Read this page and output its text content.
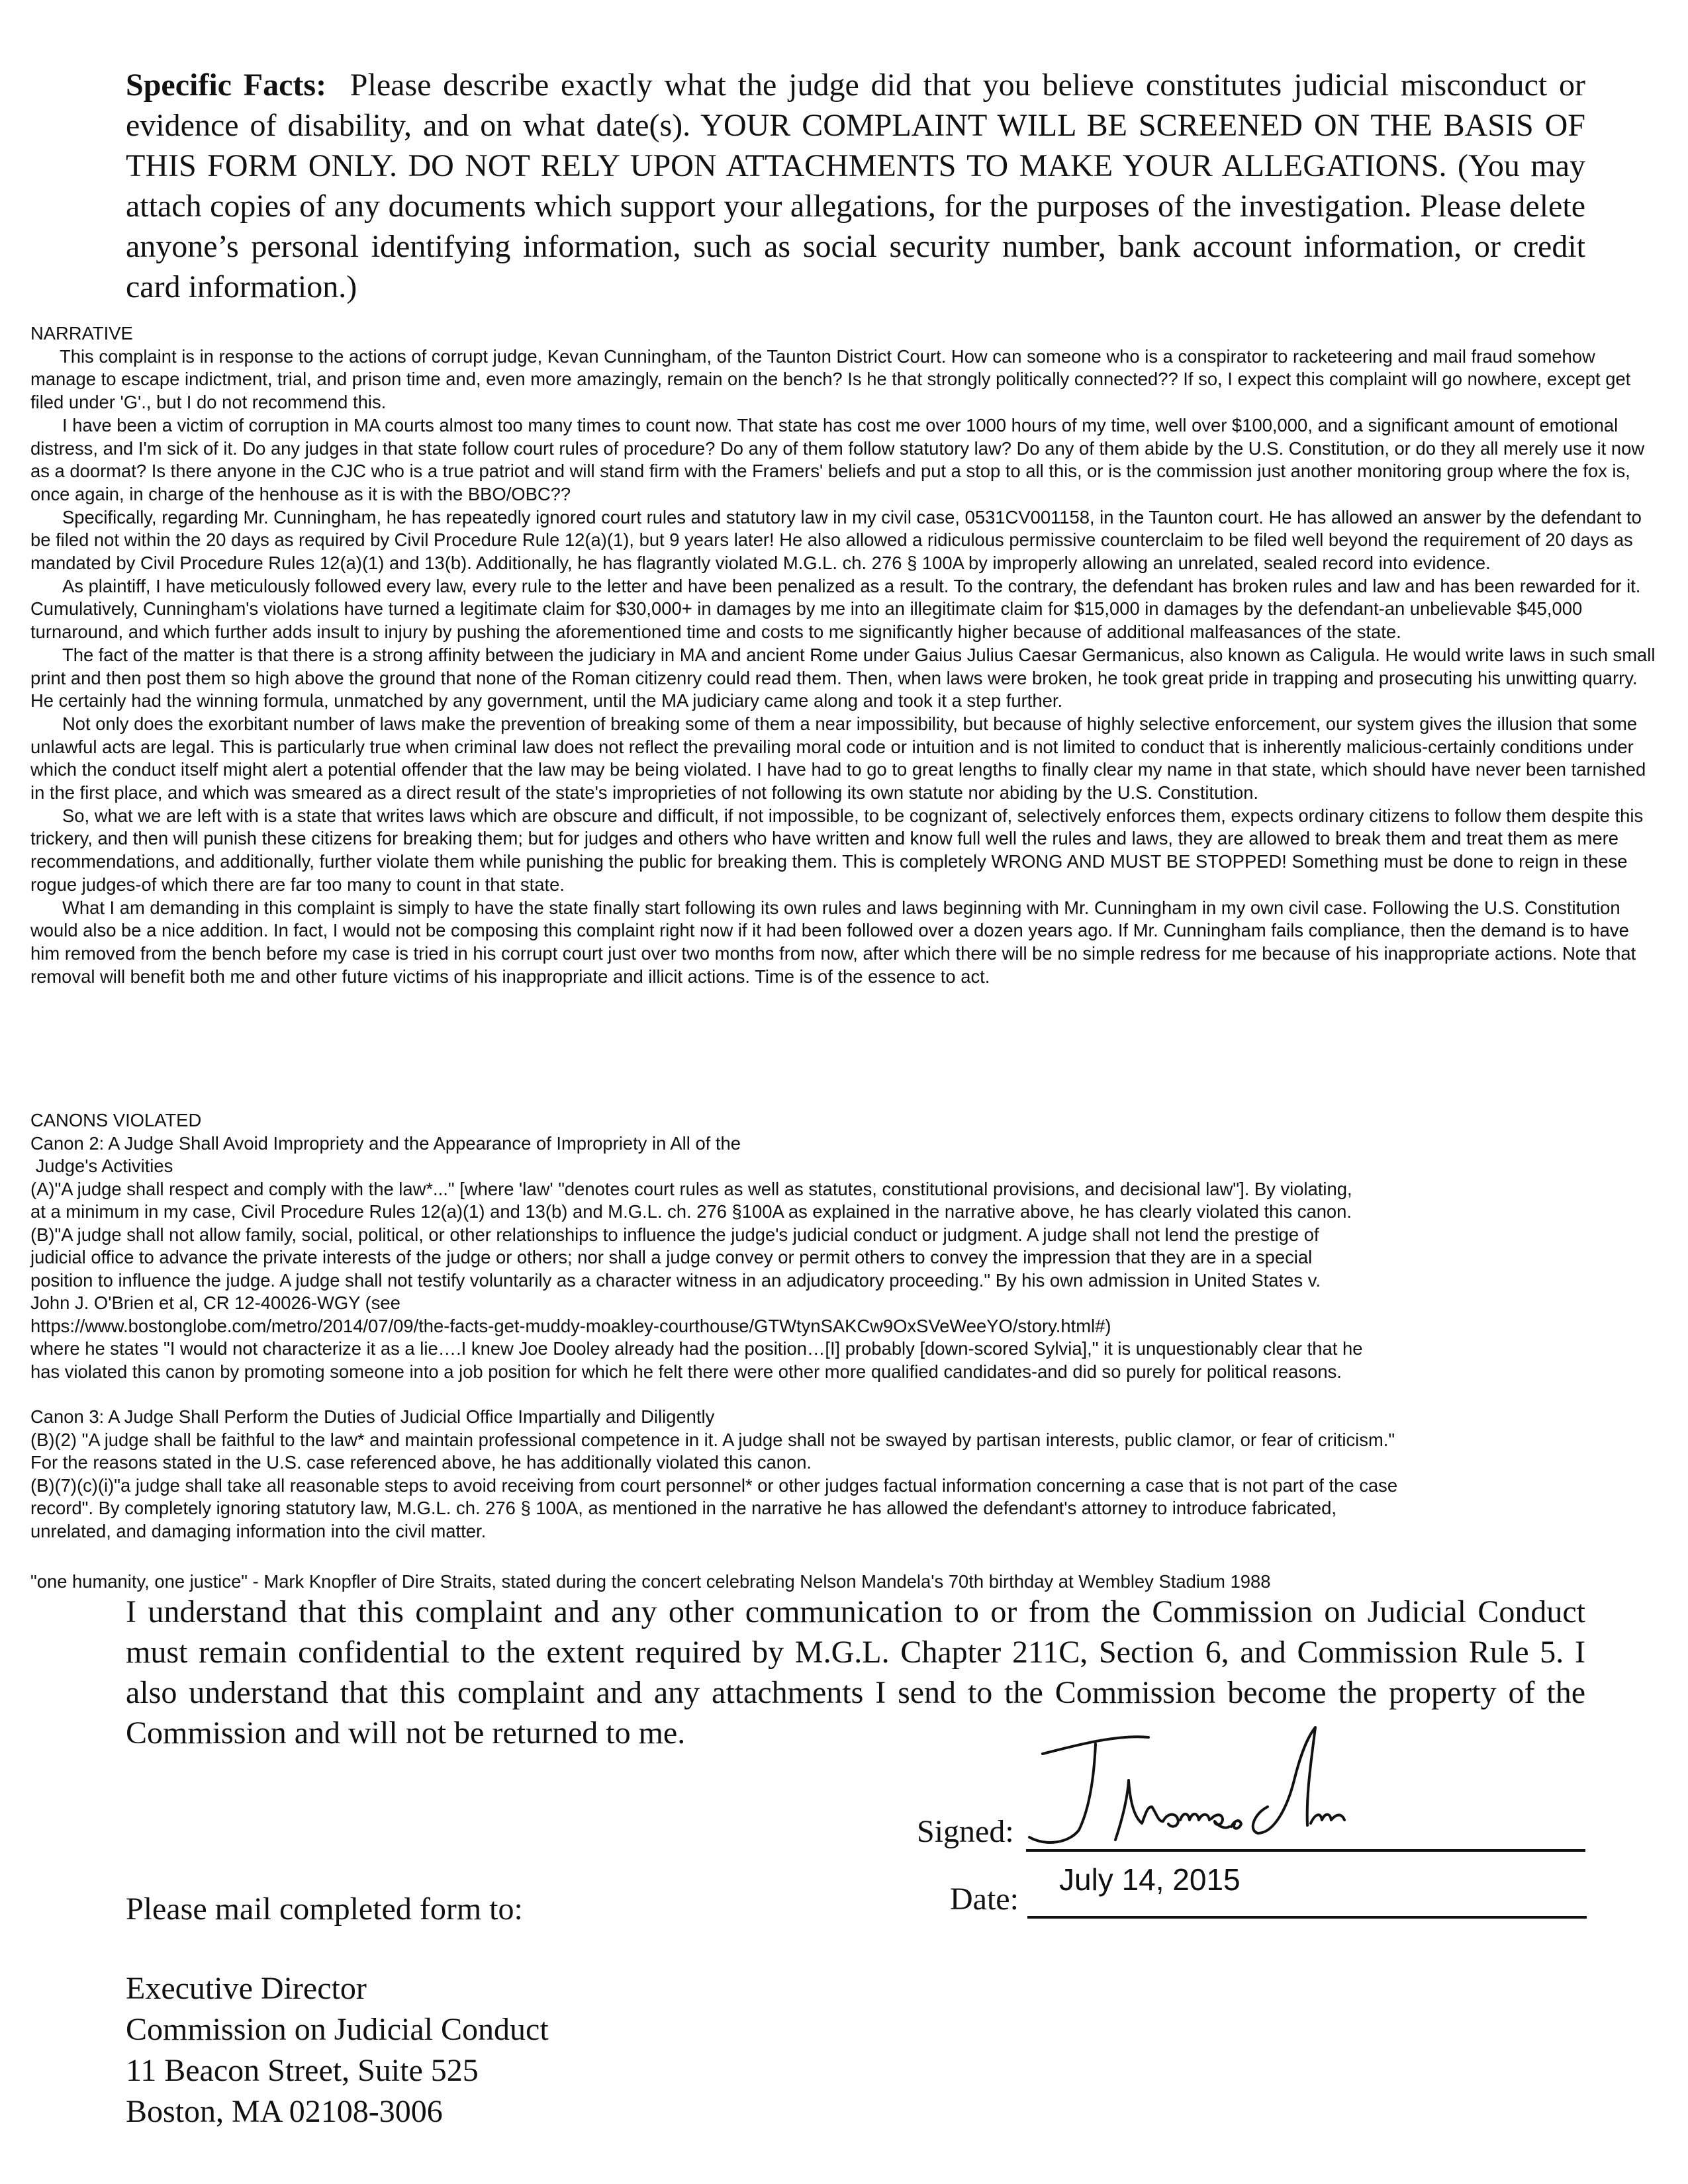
Specific Facts: Please describe exactly what the judge did that you believe constitutes judicial misconduct or evidence of disability, and on what date(s). YOUR COMPLAINT WILL BE SCREENED ON THE BASIS OF THIS FORM ONLY. DO NOT RELY UPON ATTACHMENTS TO MAKE YOUR ALLEGATIONS. (You may attach copies of any documents which support your allegations, for the purposes of the investigation. Please delete anyone’s personal identifying information, such as social security number, bank account information, or credit card information.)
NARRATIVE

This complaint is in response to the actions of corrupt judge, Kevan Cunningham, of the Taunton District Court. How can someone who is a conspirator to racketeering and mail fraud somehow manage to escape indictment, trial, and prison time and, even more amazingly, remain on the bench? Is he that strongly politically connected?? If so, I expect this complaint will go nowhere, except get filed under 'G'., but I do not recommend this.

I have been a victim of corruption in MA courts almost too many times to count now. That state has cost me over 1000 hours of my time, well over $100,000, and a significant amount of emotional distress, and I'm sick of it. Do any judges in that state follow court rules of procedure? Do any of them follow statutory law? Do any of them abide by the U.S. Constitution, or do they all merely use it now as a doormat? Is there anyone in the CJC who is a true patriot and will stand firm with the Framers' beliefs and put a stop to all this, or is the commission just another monitoring group where the fox is, once again, in charge of the henhouse as it is with the BBO/OBC??

Specifically, regarding Mr. Cunningham, he has repeatedly ignored court rules and statutory law in my civil case, 0531CV001158, in the Taunton court. He has allowed an answer by the defendant to be filed not within the 20 days as required by Civil Procedure Rule 12(a)(1), but 9 years later! He also allowed a ridiculous permissive counterclaim to be filed well beyond the requirement of 20 days as mandated by Civil Procedure Rules 12(a)(1) and 13(b). Additionally, he has flagrantly violated M.G.L. ch. 276 § 100A by improperly allowing an unrelated, sealed record into evidence.

As plaintiff, I have meticulously followed every law, every rule to the letter and have been penalized as a result. To the contrary, the defendant has broken rules and law and has been rewarded for it. Cumulatively, Cunningham's violations have turned a legitimate claim for $30,000+ in damages by me into an illegitimate claim for $15,000 in damages by the defendant-an unbelievable $45,000 turnaround, and which further adds insult to injury by pushing the aforementioned time and costs to me significantly higher because of additional malfeasances of the state.

The fact of the matter is that there is a strong affinity between the judiciary in MA and ancient Rome under Gaius Julius Caesar Germanicus, also known as Caligula. He would write laws in such small print and then post them so high above the ground that none of the Roman citizenry could read them. Then, when laws were broken, he took great pride in trapping and prosecuting his unwitting quarry. He certainly had the winning formula, unmatched by any government, until the MA judiciary came along and took it a step further.

Not only does the exorbitant number of laws make the prevention of breaking some of them a near impossibility, but because of highly selective enforcement, our system gives the illusion that some unlawful acts are legal. This is particularly true when criminal law does not reflect the prevailing moral code or intuition and is not limited to conduct that is inherently malicious-certainly conditions under which the conduct itself might alert a potential offender that the law may be being violated. I have had to go to great lengths to finally clear my name in that state, which should have never been tarnished in the first place, and which was smeared as a direct result of the state's improprieties of not following its own statute nor abiding by the U.S. Constitution.

So, what we are left with is a state that writes laws which are obscure and difficult, if not impossible, to be cognizant of, selectively enforces them, expects ordinary citizens to follow them despite this trickery, and then will punish these citizens for breaking them; but for judges and others who have written and know full well the rules and laws, they are allowed to break them and treat them as mere recommendations, and additionally, further violate them while punishing the public for breaking them. This is completely WRONG AND MUST BE STOPPED! Something must be done to reign in these rogue judges-of which there are far too many to count in that state.

What I am demanding in this complaint is simply to have the state finally start following its own rules and laws beginning with Mr. Cunningham in my own civil case. Following the U.S. Constitution would also be a nice addition. In fact, I would not be composing this complaint right now if it had been followed over a dozen years ago. If Mr. Cunningham fails compliance, then the demand is to have him removed from the bench before my case is tried in his corrupt court just over two months from now, after which there will be no simple redress for me because of his inappropriate actions. Note that removal will benefit both me and other future victims of his inappropriate and illicit actions. Time is of the essence to act.

CANONS VIOLATED
Canon 2: A Judge Shall Avoid Impropriety and the Appearance of Impropriety in All of the
Judge's Activities
(A)"A judge shall respect and comply with the law*..." [where 'law' "denotes court rules as well as statutes, constitutional provisions, and decisional law"]. By violating,
at a minimum in my case, Civil Procedure Rules 12(a)(1) and 13(b) and M.G.L. ch. 276 §100A as explained in the narrative above, he has clearly violated this canon.
(B)"A judge shall not allow family, social, political, or other relationships to influence the judge's judicial conduct or judgment. A judge shall not lend the prestige of
judicial office to advance the private interests of the judge or others; nor shall a judge convey or permit others to convey the impression that they are in a special
position to influence the judge. A judge shall not testify voluntarily as a character witness in an adjudicatory proceeding." By his own admission in United States v.
John J. O'Brien et al, CR 12-40026-WGY (see
https://www.bostonglobe.com/metro/2014/07/09/the-facts-get-muddy-moakley-courthouse/GTWtynSAKCw9OxSVeWeeYO/story.html#)
where he states "I would not characterize it as a lie….I knew Joe Dooley already had the position…[I] probably [down-scored Sylvia]," it is unquestionably clear that he
has violated this canon by promoting someone into a job position for which he felt there were other more qualified candidates-and did so purely for political reasons.
Canon 3: A Judge Shall Perform the Duties of Judicial Office Impartially and Diligently
(B)(2) "A judge shall be faithful to the law* and maintain professional competence in it. A judge shall not be swayed by partisan interests, public clamor, or fear of criticism."
For the reasons stated in the U.S. case referenced above, he has additionally violated this canon.
(B)(7)(c)(i)"a judge shall take all reasonable steps to avoid receiving from court personnel* or other judges factual information concerning a case that is not part of the case
record". By completely ignoring statutory law, M.G.L. ch. 276 § 100A, as mentioned in the narrative he has allowed the defendant's attorney to introduce fabricated,
unrelated, and damaging information into the civil matter.
"one humanity, one justice" - Mark Knopfler of Dire Straits, stated during the concert celebrating Nelson Mandela's 70th birthday at Wembley Stadium 1988
I understand that this complaint and any other communication to or from the Commission on Judicial Conduct must remain confidential to the extent required by M.G.L. Chapter 211C, Section 6, and Commission Rule 5. I also understand that this complaint and any attachments I send to the Commission become the property of the Commission and will not be returned to me.
Signed:
Date:
July 14, 2015
Please mail completed form to:
Executive Director
Commission on Judicial Conduct
11 Beacon Street, Suite 525
Boston, MA 02108-3006
